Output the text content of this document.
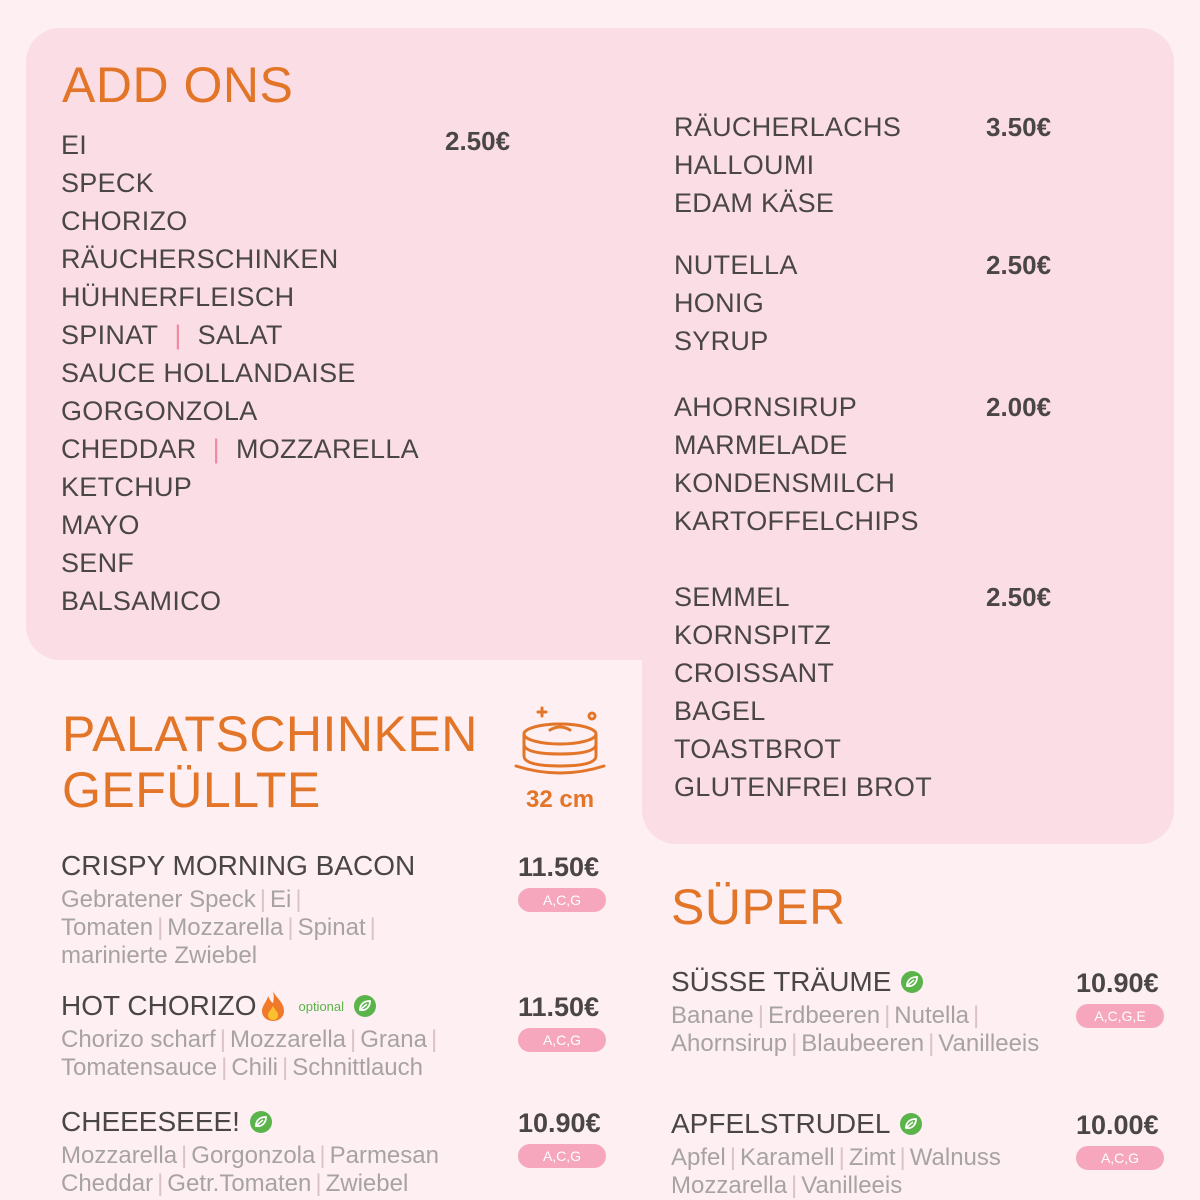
ADD ONS
2.50€
EI
SPECK
CHORIZO
RÄUCHERSCHINKEN
HÜHNERFLEISCH
SPINAT | SALAT
SAUCE HOLLANDAISE
GORGONZOLA
CHEDDAR | MOZZARELLA
KETCHUP
MAYO
SENF
BALSAMICO
3.50€
RÄUCHERLACHS
HALLOUMI
EDAM KÄSE
2.50€
NUTELLA
HONIG
SYRUP
2.00€
AHORNSIRUP
MARMELADE
KONDENSMILCH
KARTOFFELCHIPS
2.50€
SEMMEL
KORNSPITZ
CROISSANT
BAGEL
TOASTBROT
GLUTENFREI BROT
PALATSCHINKEN
GEFÜLLTE	32 cm
CRISPY MORNING BACON	11.50€
A,C,G
Gebratener Speck | Ei |
Tomaten | Mozzarella | Spinat |
marinierte Zwiebel
HOT CHORIZO	optional	11.50€
A,C,G
Chorizo scharf | Mozzarella | Grana |
Tomatensauce | Chili | Schnittlauch
CHEEESEEE!	10.90€
A,C,G
Mozzarella | Gorgonzola | Parmesan
Cheddar | Getr.Tomaten | Zwiebel
SÜPER
SÜSSE TRÄUME	10.90€
A,C,G,E
Banane | Erdbeeren | Nutella |
Ahornsirup | Blaubeeren | Vanilleeis
APFELSTRUDEL	10.00€
A,C,G
Apfel | Karamell | Zimt | Walnuss
Mozzarella | Vanilleeis
